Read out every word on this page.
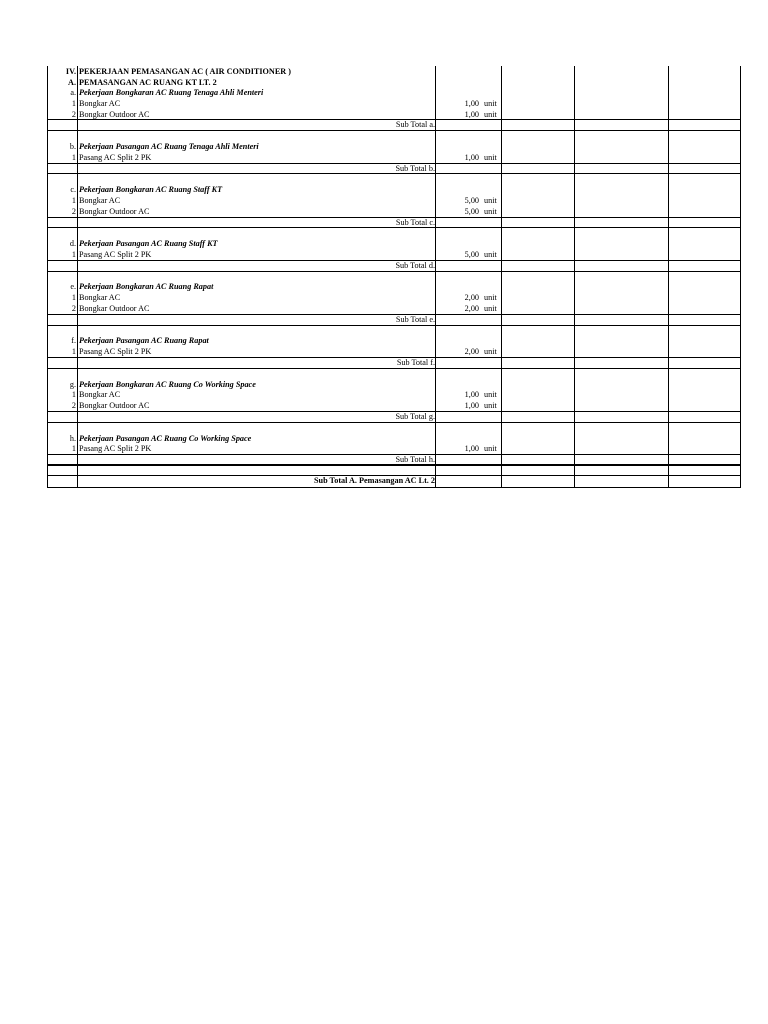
IV. PEKERJAAN PEMASANGAN AC ( AIR CONDITIONER )
A. PEMASANGAN AC RUANG KT LT. 2
a. Pekerjaan Bongkaran AC Ruang Tenaga Ahli Menteri
1 Bongkar AC	1,00 unit
2 Bongkar Outdoor AC	1,00 unit
Sub Total a.
b. Pekerjaan Pasangan AC Ruang Tenaga Ahli Menteri
1 Pasang AC Split 2 PK	1,00 unit
Sub Total b.
c. Pekerjaan Bongkaran AC Ruang Staff KT
1 Bongkar AC	5,00 unit
2 Bongkar Outdoor AC	5,00 unit
Sub Total c.
d. Pekerjaan Pasangan AC Ruang Staff KT
1 Pasang AC Split 2 PK	5,00 unit
Sub Total d.
e. Pekerjaan Bongkaran AC Ruang Rapat
1 Bongkar AC	2,00 unit
2 Bongkar Outdoor AC	2,00 unit
Sub Total e.
f. Pekerjaan Pasangan AC Ruang Rapat
1 Pasang AC Split 2 PK	2,00 unit
Sub Total f.
g. Pekerjaan Bongkaran AC Ruang Co Working Space
1 Bongkar AC	1,00 unit
2 Bongkar Outdoor AC	1,00 unit
Sub Total g.
h. Pekerjaan Pasangan AC Ruang Co Working Space
1 Pasang AC Split 2 PK	1,00 unit
Sub Total h.
Sub Total A. Pemasangan AC Lt. 2
